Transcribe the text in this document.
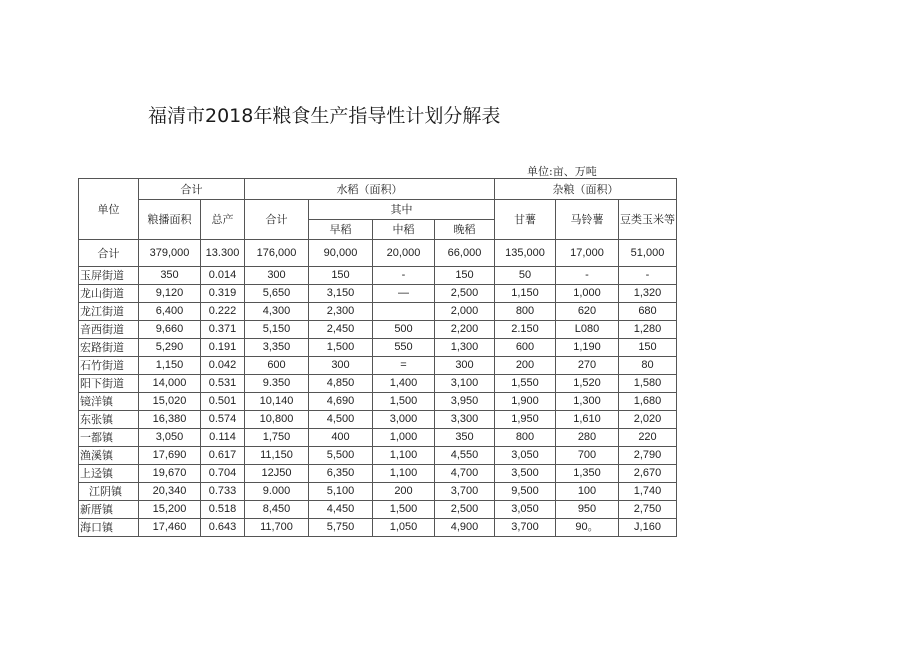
福清市2018年粮食生产指导性计划分解表
单位:亩、万吨
单位	合计		水稻（面积）				杂粮（面积）		
	粮播面积	总产	合计	其中			甘薯	马铃薯	豆类玉米等
				早稻	中稻	晚稻			
合计	379,000	13.300	176,000	90,000	20,000	66,000	135,000	17,000	51,000
玉屏街道	350	0.014	300	150	-	150	50	-	-
龙山街道	9,120	0.319	5,650	3,150	—	2,500	1,150	1,000	1,320
龙江街道	6,400	0.222	4,300	2,300		2,000	800	620	680
音西街道	9,660	0.371	5,150	2,450	500	2,200	2.150	L080	1,280
宏路街道	5,290	0.191	3,350	1,500	550	1,300	600	1,190	150
石竹街道	1,150	0.042	600	300	=	300	200	270	80
阳下街道	14,000	0.531	9.350	4,850	1,400	3,100	1,550	1,520	1,580
镜洋镇	15,020	0.501	10,140	4,690	1,500	3,950	1,900	1,300	1,680
东张镇	16,380	0.574	10,800	4,500	3,000	3,300	1,950	1,610	2,020
一都镇	3,050	0.114	1,750	400	1,000	350	800	280	220
渔溪镇	17,690	0.617	11,150	5,500	1,100	4,550	3,050	700	2,790
上迳镇	19,670	0.704	12J50	6,350	1,100	4,700	3,500	1,350	2,670
江阴镇	20,340	0.733	9.000	5,100	200	3,700	9,500	100	1,740
新厝镇	15,200	0.518	8,450	4,450	1,500	2,500	3,050	950	2,750
海口镇	17,460	0.643	11,700	5,750	1,050	4,900	3,700	90。	J,160
